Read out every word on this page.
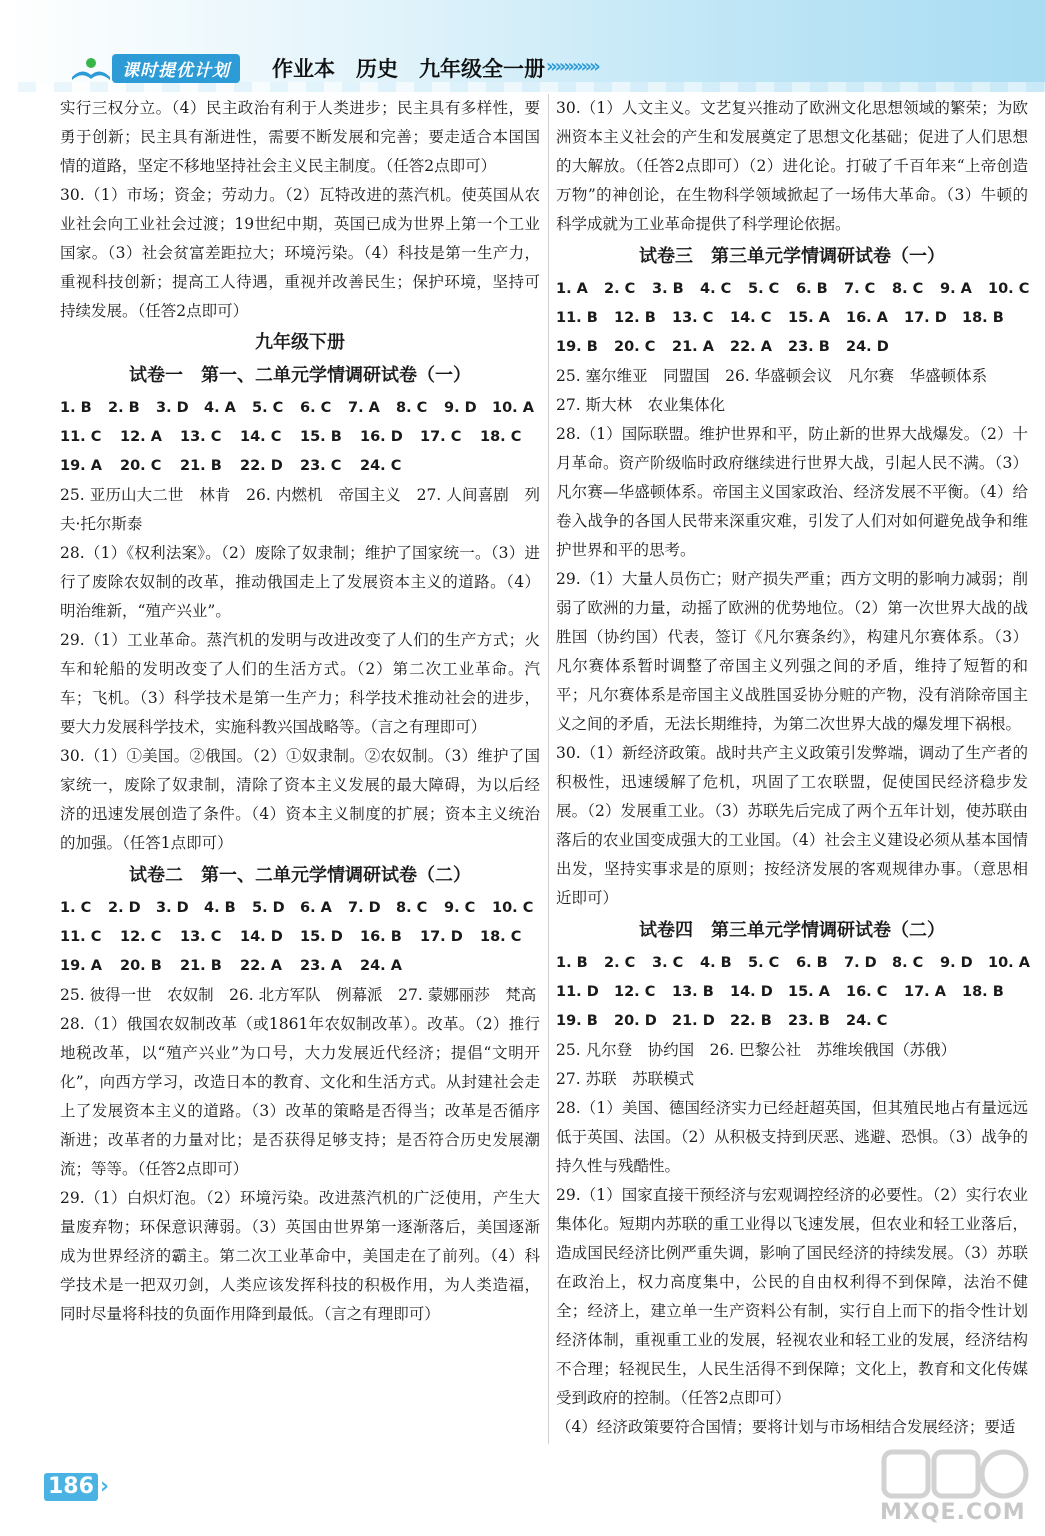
课时提优计划	作业本　历史　九年级全一册 »»»»»»

实行三权分立。（4）民主政治有利于人类进步；民主具有多样性，要勇于创新；民主具有渐进性，需要不断发展和完善；要走适合本国国情的道路，坚定不移地坚持社会主义民主制度。（任答2点即可）

30.（1）市场；资金；劳动力。（2）瓦特改进的蒸汽机。使英国从农业社会向工业社会过渡；19世纪中期，英国已成为世界上第一个工业国家。（3）社会贫富差距拉大；环境污染。（4）科技是第一生产力，重视科技创新；提高工人待遇，重视并改善民生；保护环境，坚持可持续发展。（任答2点即可）

九年级下册
试卷一　第一、二单元学情调研试卷（一）
1. B	2. B	3. D	4. A	5. C	6. C	7. A	8. C	9. D	10. A
11. C	12. A	13. C	14. C	15. B	16. D	17. C	18. C
19. A	20. C	21. B	22. D	23. C	24. C

25. 亚历山大二世　林肯　26. 内燃机　帝国主义　27. 人间喜剧　列夫·托尔斯泰

28.（1）《权利法案》。（2）废除了奴隶制；维护了国家统一。（3）进行了废除农奴制的改革，推动俄国走上了发展资本主义的道路。（4）明治维新，“殖产兴业”。

29.（1）工业革命。蒸汽机的发明与改进改变了人们的生产方式；火车和轮船的发明改变了人们的生活方式。（2）第二次工业革命。汽车；飞机。（3）科学技术是第一生产力；科学技术推动社会的进步，要大力发展科学技术，实施科教兴国战略等。（言之有理即可）

30.（1）①美国。②俄国。（2）①奴隶制。②农奴制。（3）维护了国家统一，废除了奴隶制，清除了资本主义发展的最大障碍，为以后经济的迅速发展创造了条件。（4）资本主义制度的扩展；资本主义统治的加强。（任答1点即可）

试卷二　第一、二单元学情调研试卷（二）
1. C	2. D	3. D	4. B	5. D	6. A	7. D	8. C	9. C	10. C
11. C	12. C	13. C	14. D	15. D	16. B	17. D	18. C
19. A	20. B	21. B	22. A	23. A	24. A

25. 彼得一世　农奴制　26. 北方军队　例幕派　27. 蒙娜丽莎　梵高

28.（1）俄国农奴制改革（或1861年农奴制改革）。改革。（2）推行地税改革，以“殖产兴业”为口号，大力发展近代经济；提倡“文明开化”，向西方学习，改造日本的教育、文化和生活方式。从封建社会走上了发展资本主义的道路。（3）改革的策略是否得当；改革是否循序渐进；改革者的力量对比；是否获得足够支持；是否符合历史发展潮流；等等。（任答2点即可）

29.（1）白炽灯泡。（2）环境污染。改进蒸汽机的广泛使用，产生大量废弃物；环保意识薄弱。（3）英国由世界第一逐渐落后，美国逐渐成为世界经济的霸主。第二次工业革命中，美国走在了前列。（4）科学技术是一把双刃剑，人类应该发挥科技的积极作用，为人类造福，同时尽量将科技的负面作用降到最低。（言之有理即可）

30.（1）人文主义。文艺复兴推动了欧洲文化思想领域的繁荣；为欧洲资本主义社会的产生和发展奠定了思想文化基础；促进了人们思想的大解放。（任答2点即可）（2）进化论。打破了千百年来“上帝创造万物”的神创论，在生物科学领域掀起了一场伟大革命。（3）牛顿的科学成就为工业革命提供了科学理论依据。

试卷三　第三单元学情调研试卷（一）
1. A	2. C	3. B	4. C	5. C	6. B	7. C	8. C	9. A	10. C
11. B	12. B	13. C	14. C	15. A	16. A	17. D	18. B
19. B	20. C	21. A	22. A	23. B	24. D

25. 塞尔维亚　同盟国　26. 华盛顿会议　凡尔赛　华盛顿体系

27. 斯大林　农业集体化

28.（1）国际联盟。维护世界和平，防止新的世界大战爆发。（2）十月革命。资产阶级临时政府继续进行世界大战，引起人民不满。（3）凡尔赛—华盛顿体系。帝国主义国家政治、经济发展不平衡。（4）给卷入战争的各国人民带来深重灾难，引发了人们对如何避免战争和维护世界和平的思考。

29.（1）大量人员伤亡；财产损失严重；西方文明的影响力减弱；削弱了欧洲的力量，动摇了欧洲的优势地位。（2）第一次世界大战的战胜国（协约国）代表，签订《凡尔赛条约》，构建凡尔赛体系。（3）凡尔赛体系暂时调整了帝国主义列强之间的矛盾，维持了短暂的和平；凡尔赛体系是帝国主义战胜国妥协分赃的产物，没有消除帝国主义之间的矛盾，无法长期维持，为第二次世界大战的爆发埋下祸根。

30.（1）新经济政策。战时共产主义政策引发弊端，调动了生产者的积极性，迅速缓解了危机，巩固了工农联盟，促使国民经济稳步发展。（2）发展重工业。（3）苏联先后完成了两个五年计划，使苏联由落后的农业国变成强大的工业国。（4）社会主义建设必须从基本国情出发，坚持实事求是的原则；按经济发展的客观规律办事。（意思相近即可）

试卷四　第三单元学情调研试卷（二）
1. B	2. C	3. C	4. B	5. C	6. B	7. D	8. C	9. D	10. A
11. D	12. C	13. B	14. D	15. A	16. C	17. A	18. B
19. B	20. D	21. D	22. B	23. B	24. C

25. 凡尔登　协约国　26. 巴黎公社　苏维埃俄国（苏俄）

27. 苏联　苏联模式

28.（1）美国、德国经济实力已经赶超英国，但其殖民地占有量远远低于英国、法国。（2）从积极支持到厌恶、逃避、恐惧。（3）战争的持久性与残酷性。

29.（1）国家直接干预经济与宏观调控经济的必要性。（2）实行农业集体化。短期内苏联的重工业得以飞速发展，但农业和轻工业落后，造成国民经济比例严重失调，影响了国民经济的持续发展。（3）苏联在政治上，权力高度集中，公民的自由权利得不到保障，法治不健全；经济上，建立单一生产资料公有制，实行自上而下的指令性计划经济体制，重视重工业的发展，轻视农业和轻工业的发展，经济结构不合理；轻视民生，人民生活得不到保障；文化上，教育和文化传媒受到政府的控制。（任答2点即可）

（4）经济政策要符合国情；要将计划与市场相结合发展经济；要适

186 ›
MXQE.COM
